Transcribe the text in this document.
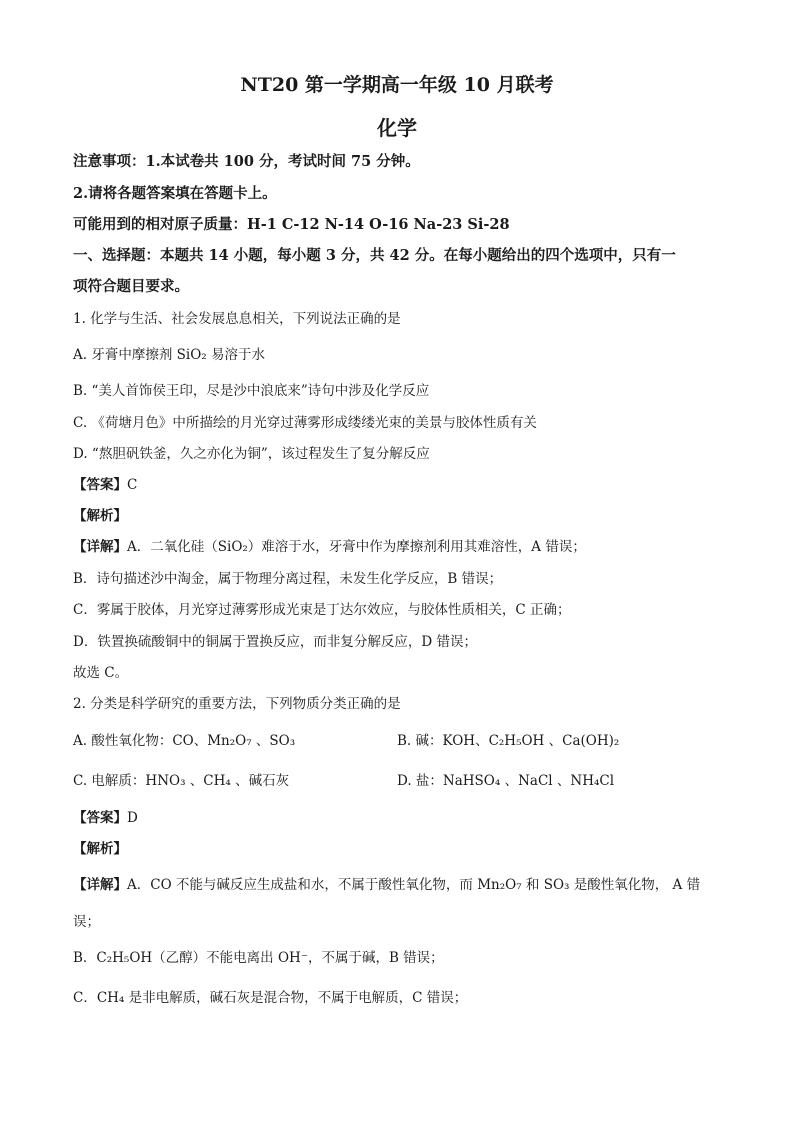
NT20 第一学期高一年级 10 月联考
化学
注意事项：1.本试卷共 100 分，考试时间 75 分钟。
2.请将各题答案填在答题卡上。
可能用到的相对原子质量：H-1 C-12 N-14 O-16 Na-23 Si-28
一、选择题：本题共 14 小题，每小题 3 分，共 42 分。在每小题给出的四个选项中，只有一
项符合题目要求。
1. 化学与生活、社会发展息息相关，下列说法正确的是
A. 牙膏中摩擦剂 SiO₂ 易溶于水
B. “美人首饰侯王印，尽是沙中浪底来”诗句中涉及化学反应
C. 《荷塘月色》中所描绘的月光穿过薄雾形成缕缕光束的美景与胶体性质有关
D. “熬胆矾铁釜，久之亦化为铜”，该过程发生了复分解反应
【答案】C
【解析】
【详解】A．二氧化硅（SiO₂）难溶于水，牙膏中作为摩擦剂利用其难溶性，A 错误；
B．诗句描述沙中淘金，属于物理分离过程，未发生化学反应，B 错误；
C．雾属于胶体，月光穿过薄雾形成光束是丁达尔效应，与胶体性质相关，C 正确；
D．铁置换硫酸铜中的铜属于置换反应，而非复分解反应，D 错误；
故选 C。
2. 分类是科学研究的重要方法，下列物质分类正确的是
A. 酸性氧化物：CO、Mn₂O₇ 、SO₃	B. 碱：KOH、C₂H₅OH 、Ca(OH)₂
C. 电解质：HNO₃ 、CH₄ 、碱石灰	D. 盐：NaHSO₄ 、NaCl 、NH₄Cl
【答案】D
【解析】
【详解】A．CO 不能与碱反应生成盐和水，不属于酸性氧化物，而 Mn₂O₇ 和 SO₃ 是酸性氧化物， A 错
误；
B．C₂H₅OH（乙醇）不能电离出 OH⁻，不属于碱，B 错误；
C．CH₄ 是非电解质，碱石灰是混合物，不属于电解质，C 错误；
